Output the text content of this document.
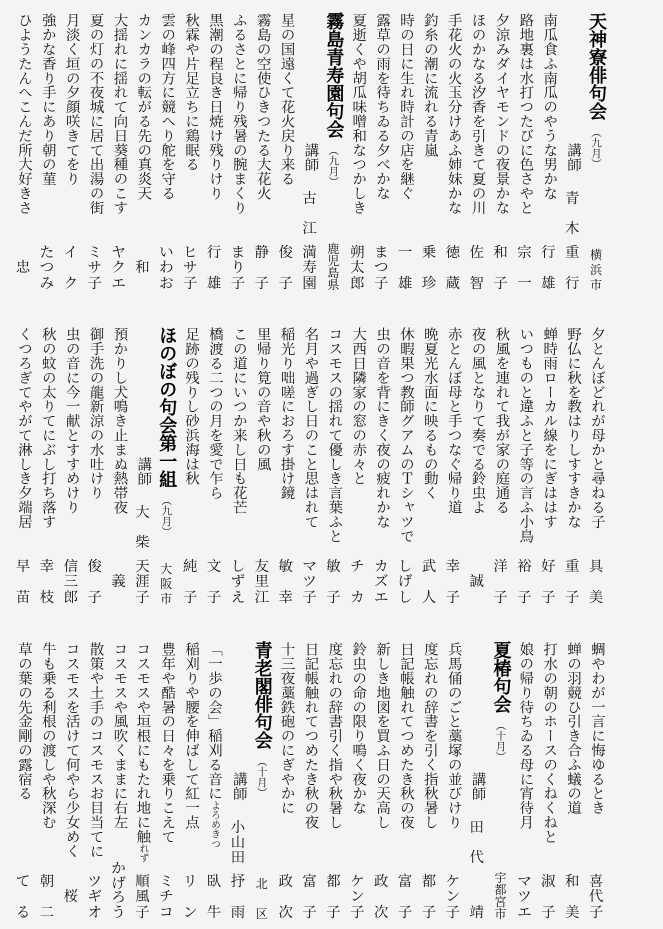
天神寮俳句会（九月）
横
浜
市
講師
青
木
重
行
南瓜食ふ南瓜のやうな男かな
行
雄
路地裏は水打つたびに色さやと
宗
一
夕涼みダイヤモンドの夜景かな
和
子
ほのかなる汐香を引きて夏の川
佐
智
手花火の火玉分けあふ姉妹かな
徳
蔵
釣糸の潮に流れる青嵐
乗
珍
時の日に生れ時計の店を継ぐ
一
雄
露草の雨を待ちゐる夕べかな
ま
つ
子
夏逝くや胡瓜味噌和なつかしき
朔
太
郎
霧島青寿園句会（九月）
鹿
児
島
県
講師
古
江
満
寿
園
星の国遠くて花火戻り来る
俊
子
霧島の空使ひきつたる大花火
静
子
ふるさとに帰り残暑の腕まくり
ま
り
子
黒潮の程良き日焼け残りけり
行
雄
秋霖や片足立ちに鶏眠る
ヒ
サ
子
雲の峰四方に競へり舵を守る
い
わ
お
カンカラの転がる先の真炎天
和
大揺れに揺れて向日葵種のこす
ヤ
ク
エ
夏の灯の不夜城に居て出湯の街
ミ
サ
子
月淡く垣の夕顔咲きてをり
イ
ク
強かな香り手にあり朝の菫
た
つ
み
ひようたんへこんだ所大好きさ
忠
夕とんぼどれが母かと尋ねる子
具
美
野仏に秋を教はりしすすきかな
重
子
蝉時雨ローカル線をにぎははす
好
子
いつものと違ふと子等の言ふ小鳥
裕
子
秋風を連れて我が家の庭通る
洋
子
夜の風となりて奏でる鈴虫よ
誠
赤とんぼ母と手つなぐ帰り道
幸
子
晩夏光水面に映るもの動く
武
人
休暇果つ教師グアムのＴシャツで
し
げ
し
虫の音を背にきく夜の疲れかな
カ
ズ
エ
大西日隣家の窓の赤々と
チ
カ
コスモスの揺れて優しき言葉ふと
敏
子
名月や過ぎし日のこと思はれて
マ
ツ
子
稲光り咄嗟におろす掛け鏡
敏
幸
里帰り筧の音や秋の風
友
里
江
この道にいつか来し日も花芒
し
ず
え
橋渡る二つの月を愛で乍ら
文
子
足跡の残りし砂浜海は秋
純
子
ほのぼの句会第一組（九月）
大
阪
市
講師
大
柴
天
涯
子
預かりし犬鳴き止まぬ熱帯夜
義
御手洗の龍新涼の水吐けり
俊
子
虫の音に今一献とすすめけり
信
三
郎
秋の蚊の太りてにぶし打ち落す
幸
枝
くつろぎてやがて淋しき夕端居
早
苗
蜩やわが一言に悔ゆるとき
喜
代
子
蝉の羽競ひ引き合ふ蟻の道
和
美
打水の朝のホースのくねくねと
淑
子
娘の帰り待ちゐる母に宵待月
マ
ツ
エ
夏椿句会（十月）
宇
都
宮
市
講師
田
代
靖
兵馬俑のごと藁塚の並びけり
ケ
ン
子
度忘れの辞書を引く指秋暑し
都
子
日記帳触れてつめたき秋の夜
富
子
新しき地図を買ふ日の天高し
政
次
鈴虫の命の限り鳴く夜かな
ケ
ン
子
度忘れの辞書引く指や秋暑し
都
子
日記帳触れてつめたき秋の夜
富
子
十三夜藁鉄砲のにぎやかに
政
次
青老閣俳句会（十月）
北
区
講師
小
山
田
抒
雨
「一歩の会」稲刈る音によろめきつ
臥
牛
稲刈りや腰を伸ばして紅一点
リ
ン
豊年や酷暑の日々を乗りこえて
ミ
チ
コ
コスモスや垣根にもたれ地に触れず
順
風
子
コスモスや風吹くままに右左
か
げ
ろ
う
散策や土手のコスモスお目当てに
ツ
ギ
オ
コスモスを活けて何やら少女めく
桜
牛も乗る利根の渡しや秋深む
朝
二
草の葉の先金剛の露宿る
て
る
